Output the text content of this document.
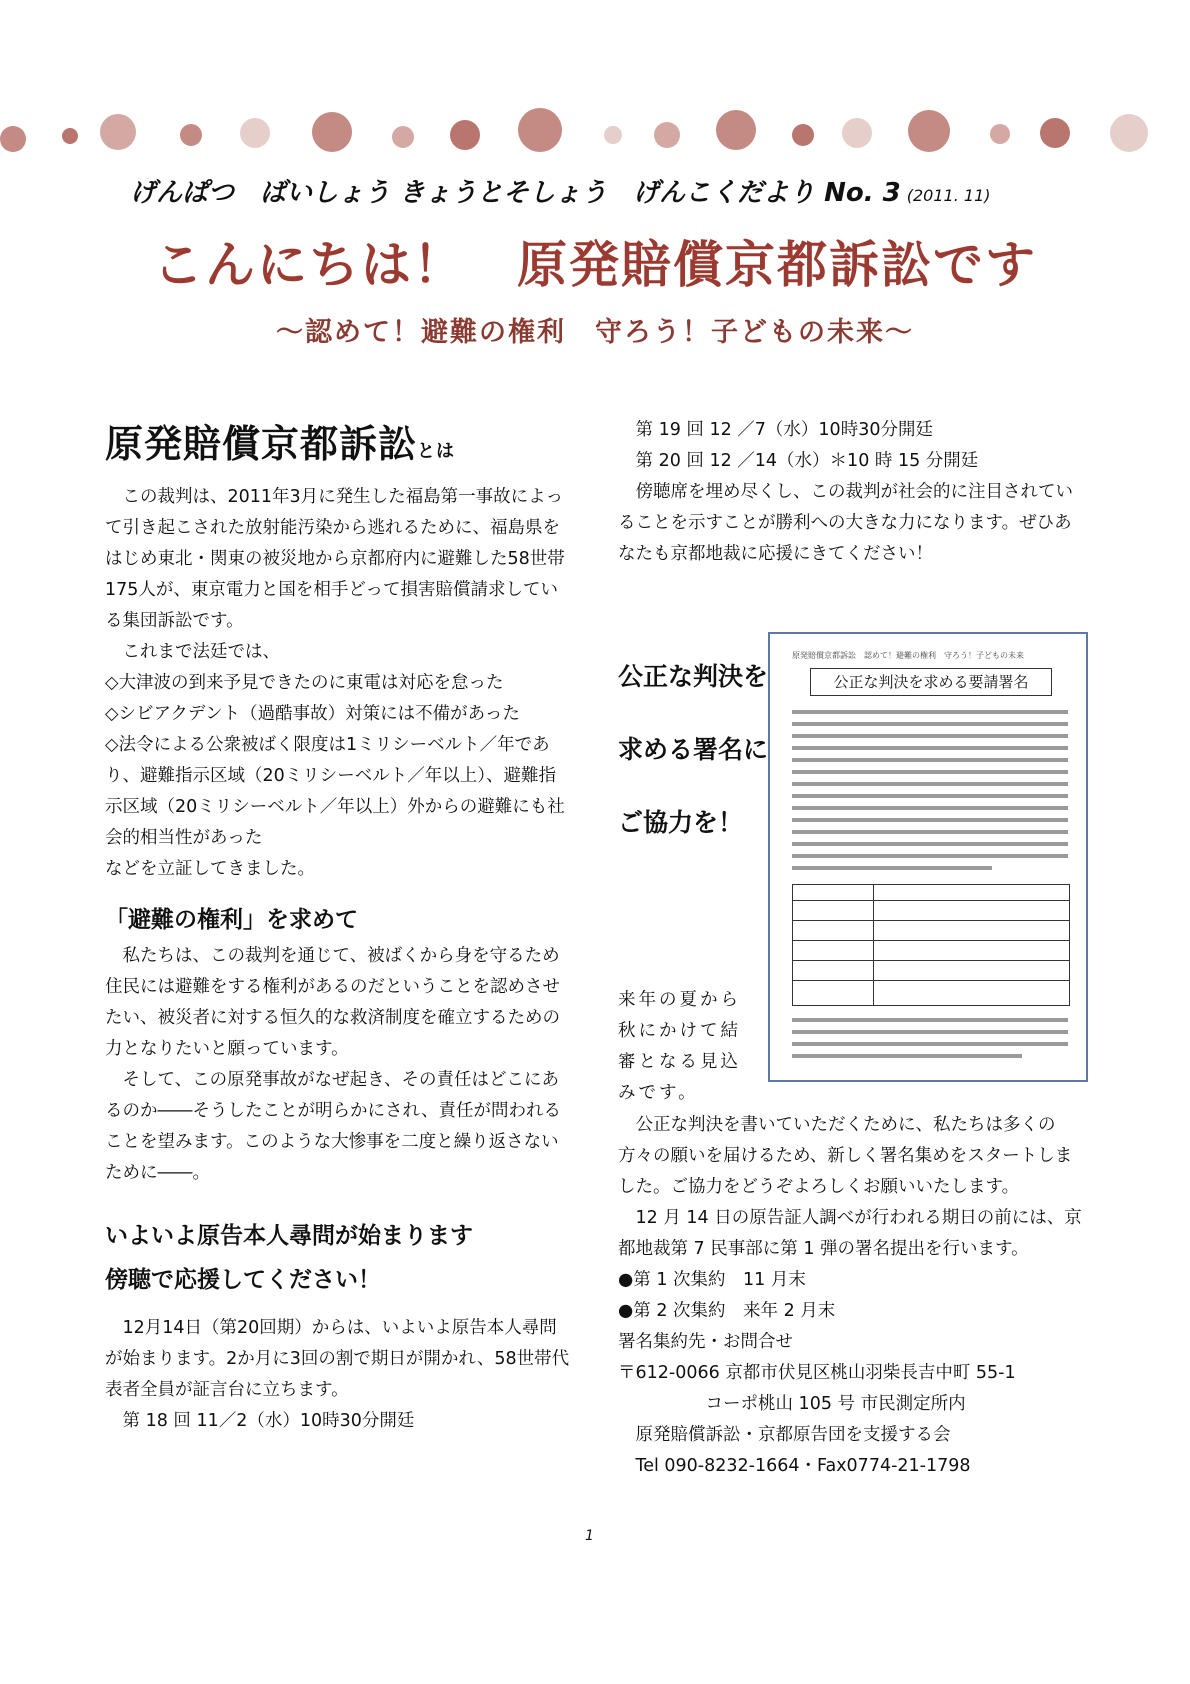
げんぱつ　ばいしょう きょうとそしょう　げんこくだより No. 3 (2011. 11)
こんにちは！　原発賠償京都訴訟です
〜認めて！避難の権利　守ろう！子どもの未来〜
原発賠償京都訴訟とは

この裁判は、2011年3月に発生した福島第一事故によって引き起こされた放射能汚染から逃れるために、福島県をはじめ東北・関東の被災地から京都府内に避難した58世帯175人が、東京電力と国を相手どって損害賠償請求している集団訴訟です。

これまで法廷では、

◇大津波の到来予見できたのに東電は対応を怠った

◇シビアクデント（過酷事故）対策には不備があった

◇法令による公衆被ばく限度は1ミリシーベルト／年であり、避難指示区域（20ミリシーベルト／年以上）、避難指示区域（20ミリシーベルト／年以上）外からの避難にも社会的相当性があった

などを立証してきました。

「避難の権利」を求めて

私たちは、この裁判を通じて、被ばくから身を守るため住民には避難をする権利があるのだということを認めさせたい、被災者に対する恒久的な救済制度を確立するための力となりたいと願っています。

そして、この原発事故がなぜ起き、その責任はどこにあるのか――そうしたことが明らかにされ、責任が問われることを望みます。このような大惨事を二度と繰り返さないために――。

いよいよ原告本人尋問が始まります
傍聴で応援してください！

12月14日（第20回期）からは、いよいよ原告本人尋問が始まります。2か月に3回の割で期日が開かれ、58世帯代表者全員が証言台に立ちます。

第 18 回 11／2（水）10時30分開廷

第 19 回 12 ／7（水）10時30分開廷

第 20 回 12 ／14（水）＊10 時 15 分開廷

傍聴席を埋め尽くし、この裁判が社会的に注目されていることを示すことが勝利への大きな力になります。ぜひあなたも京都地裁に応援にきてください！

公正な判決を求める署名にご協力を！
来年の夏から秋にかけて結審となる見込みです。
原発賠償京都訴訟　認めて！避難の権利　守ろう！子どもの未来
公正な判決を求める要請署名

公正な判決を書いていただくために、私たちは多くの方々の願いを届けるため、新しく署名集めをスタートしました。ご協力をどうぞよろしくお願いいたします。

12 月 14 日の原告証人調べが行われる期日の前には、京都地裁第 7 民事部に第 1 弾の署名提出を行います。

●第 1 次集約　11 月末

●第 2 次集約　来年 2 月末

署名集約先・お問合せ

〒612-0066 京都市伏見区桃山羽柴長吉中町 55-1

コーポ桃山 105 号 市民測定所内

原発賠償訴訟・京都原告団を支援する会

Tel 090-8232-1664・Fax0774-21-1798

1
